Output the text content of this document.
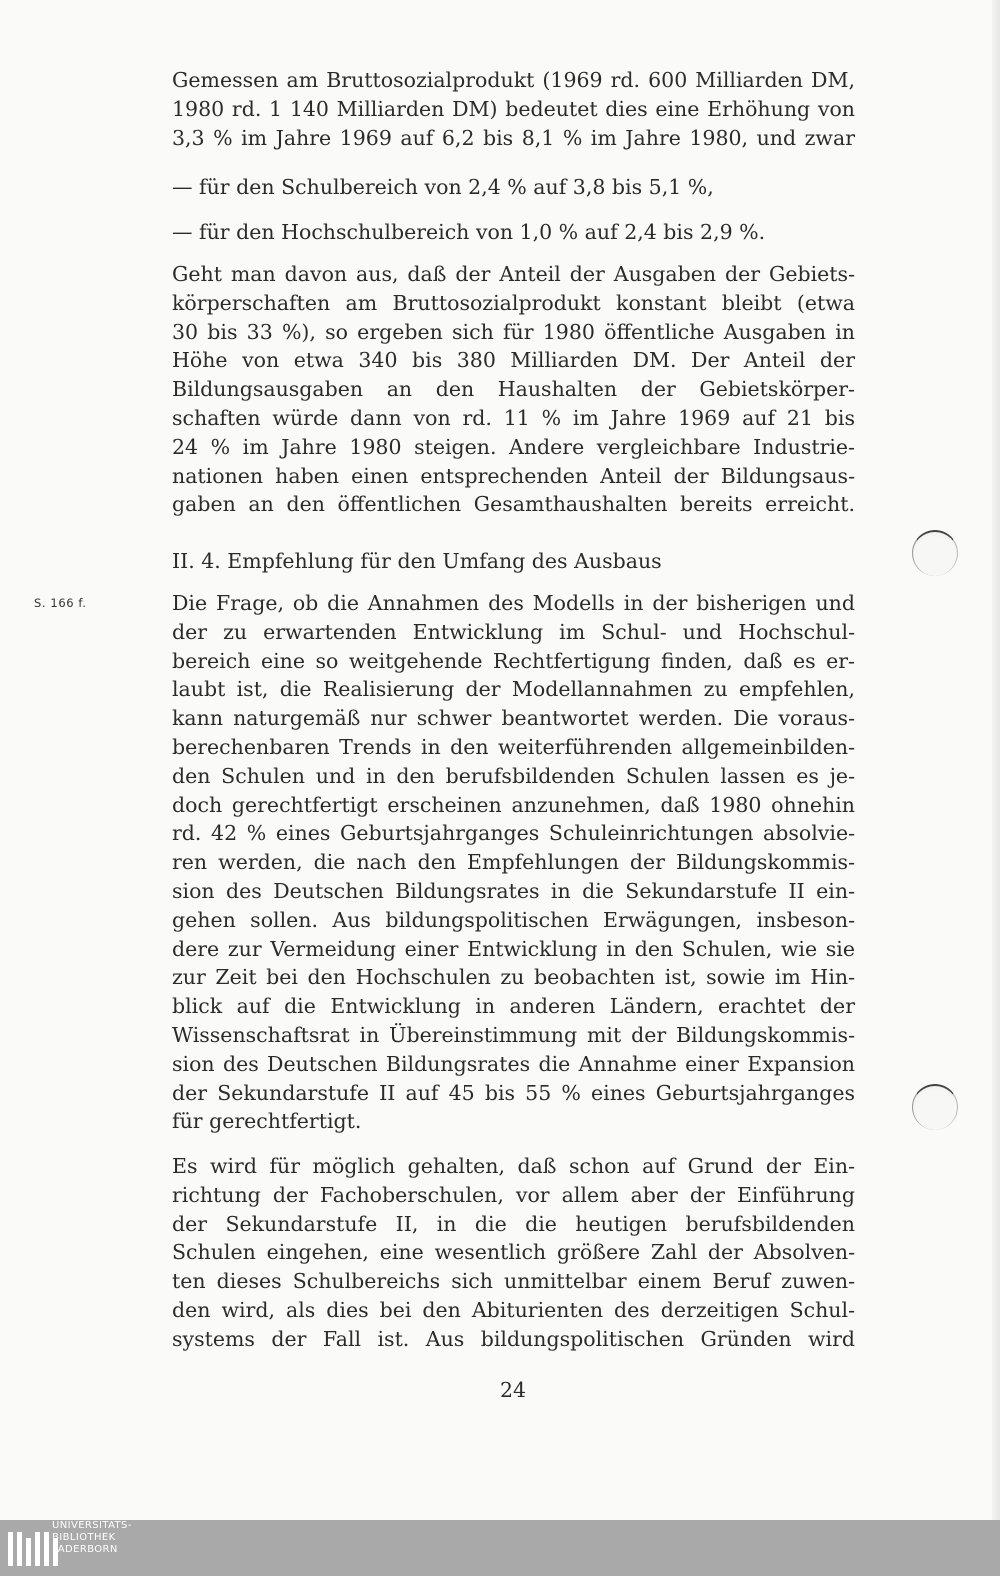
Gemessen am Bruttosozialprodukt (1969 rd. 600 Milliarden DM,
1980 rd. 1 140 Milliarden DM) bedeutet dies eine Erhöhung von
3,3 % im Jahre 1969 auf 6,2 bis 8,1 % im Jahre 1980, und zwar
— für den Schulbereich von 2,4 % auf 3,8 bis 5,1 %,
— für den Hochschulbereich von 1,0 % auf 2,4 bis 2,9 %.
Geht man davon aus, daß der Anteil der Ausgaben der Gebiets-
körperschaften am Bruttosozialprodukt konstant bleibt (etwa
30 bis 33 %), so ergeben sich für 1980 öffentliche Ausgaben in
Höhe von etwa 340 bis 380 Milliarden DM. Der Anteil der
Bildungsausgaben an den Haushalten der Gebietskörper-
schaften würde dann von rd. 11 % im Jahre 1969 auf 21 bis
24 % im Jahre 1980 steigen. Andere vergleichbare Industrie-
nationen haben einen entsprechenden Anteil der Bildungsaus-
gaben an den öffentlichen Gesamthaushalten bereits erreicht.
II. 4. Empfehlung für den Umfang des Ausbaus
S. 166 f.	Die Frage, ob die Annahmen des Modells in der bisherigen und
der zu erwartenden Entwicklung im Schul- und Hochschul-
bereich eine so weitgehende Rechtfertigung finden, daß es er-
laubt ist, die Realisierung der Modellannahmen zu empfehlen,
kann naturgemäß nur schwer beantwortet werden. Die voraus-
berechenbaren Trends in den weiterführenden allgemeinbilden-
den Schulen und in den berufsbildenden Schulen lassen es je-
doch gerechtfertigt erscheinen anzunehmen, daß 1980 ohnehin
rd. 42 % eines Geburtsjahrganges Schuleinrichtungen absolvie-
ren werden, die nach den Empfehlungen der Bildungskommis-
sion des Deutschen Bildungsrates in die Sekundarstufe II ein-
gehen sollen. Aus bildungspolitischen Erwägungen, insbeson-
dere zur Vermeidung einer Entwicklung in den Schulen, wie sie
zur Zeit bei den Hochschulen zu beobachten ist, sowie im Hin-
blick auf die Entwicklung in anderen Ländern, erachtet der
Wissenschaftsrat in Übereinstimmung mit der Bildungskommis-
sion des Deutschen Bildungsrates die Annahme einer Expansion
der Sekundarstufe II auf 45 bis 55 % eines Geburtsjahrganges
für gerechtfertigt.
Es wird für möglich gehalten, daß schon auf Grund der Ein-
richtung der Fachoberschulen, vor allem aber der Einführung
der Sekundarstufe II, in die die heutigen berufsbildenden
Schulen eingehen, eine wesentlich größere Zahl der Absolven-
ten dieses Schulbereichs sich unmittelbar einem Beruf zuwen-
den wird, als dies bei den Abiturienten des derzeitigen Schul-
systems der Fall ist. Aus bildungspolitischen Gründen wird
24
UNIVERSITÄTS-
BIBLIOTHEK
PADERBORN
